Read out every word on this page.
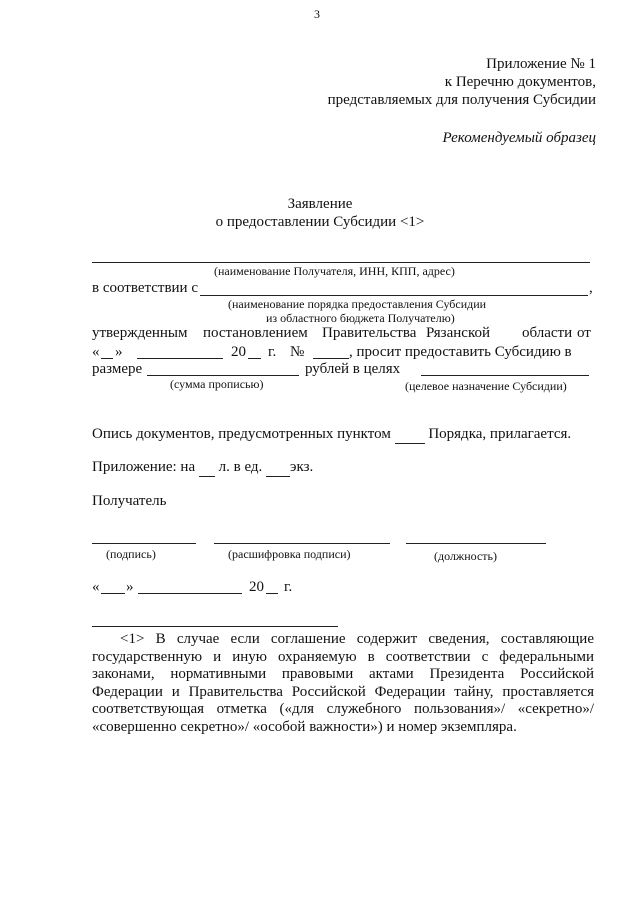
3
Приложение № 1
к Перечню документов,
представляемых для получения Субсидии
Рекомендуемый образец
Заявление
о предоставлении Субсидии <1>
(наименование Получателя, ИНН, КПП, адрес)
в соответствии с	,
(наименование порядка предоставления Субсидии
из областного бюджета Получателю)
утвержденным постановлением Правительства Рязанской области от
« »	20 г. №	, просит предоставить Субсидию в
размере	рублей в целях
(сумма прописью)	(целевое назначение Субсидии)
Опись документов, предусмотренных пунктом	Порядка, прилагается.
Приложение: на л. в ед. экз.
Получатель
(подпись)	(расшифровка подписи)	(должность)
« »	20 г.
<1> В случае если соглашение содержит сведения, составляющие
государственную и иную охраняемую в соответствии с федеральными
законами, нормативными правовыми актами Президента Российской
Федерации и Правительства Российской Федерации тайну, проставляется
соответствующая отметка («для служебного пользования»/ «секретно»/
«совершенно секретно»/ «особой важности») и номер экземпляра.
